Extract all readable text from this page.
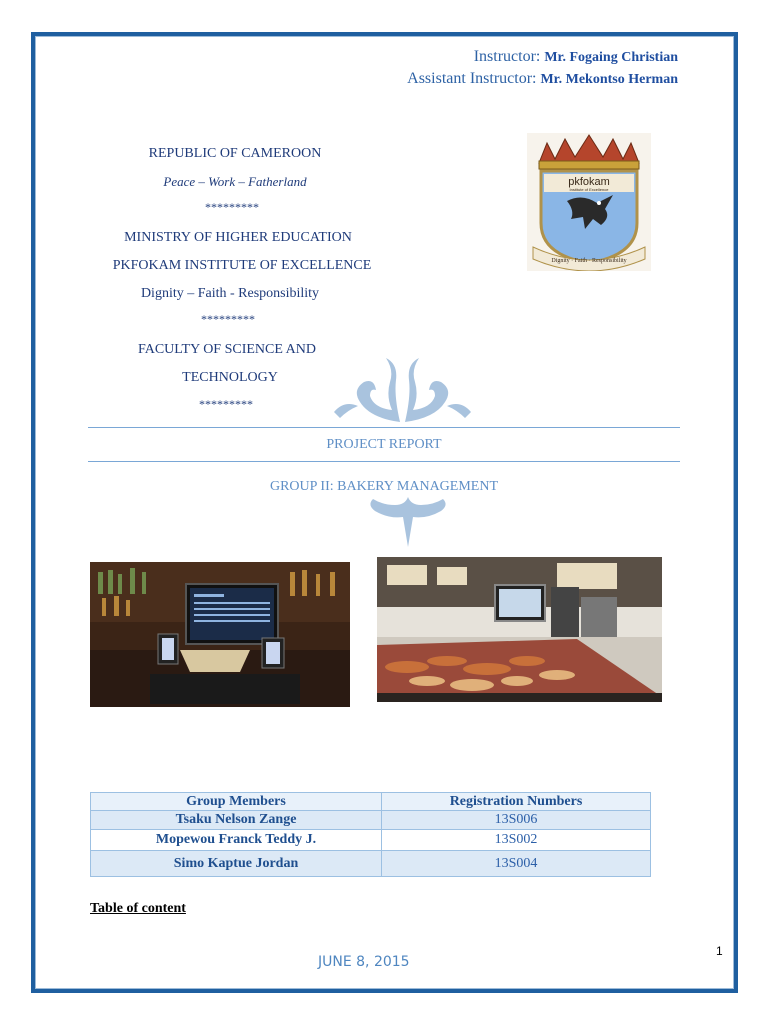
Instructor: Mr. Fogaing Christian
Assistant Instructor: Mr. Mekontso Herman
REPUBLIC OF CAMEROON
Peace – Work – Fatherland
*********
MINISTRY OF HIGHER EDUCATION
PKFOKAM INSTITUTE OF EXCELLENCE
Dignity – Faith - Responsibility
*********
FACULTY OF SCIENCE AND
TECHNOLOGY
*********
pkfokam
Institute of Excellence
Dignity · Faith · Responsibility
PROJECT REPORT
GROUP II: BAKERY MANAGEMENT
Group Members	Registration Numbers
Tsaku Nelson Zange	13S006
Mopewou Franck Teddy J.	13S002
Simo Kaptue Jordan	13S004
Table of content
JUNE 8, 2015
1
